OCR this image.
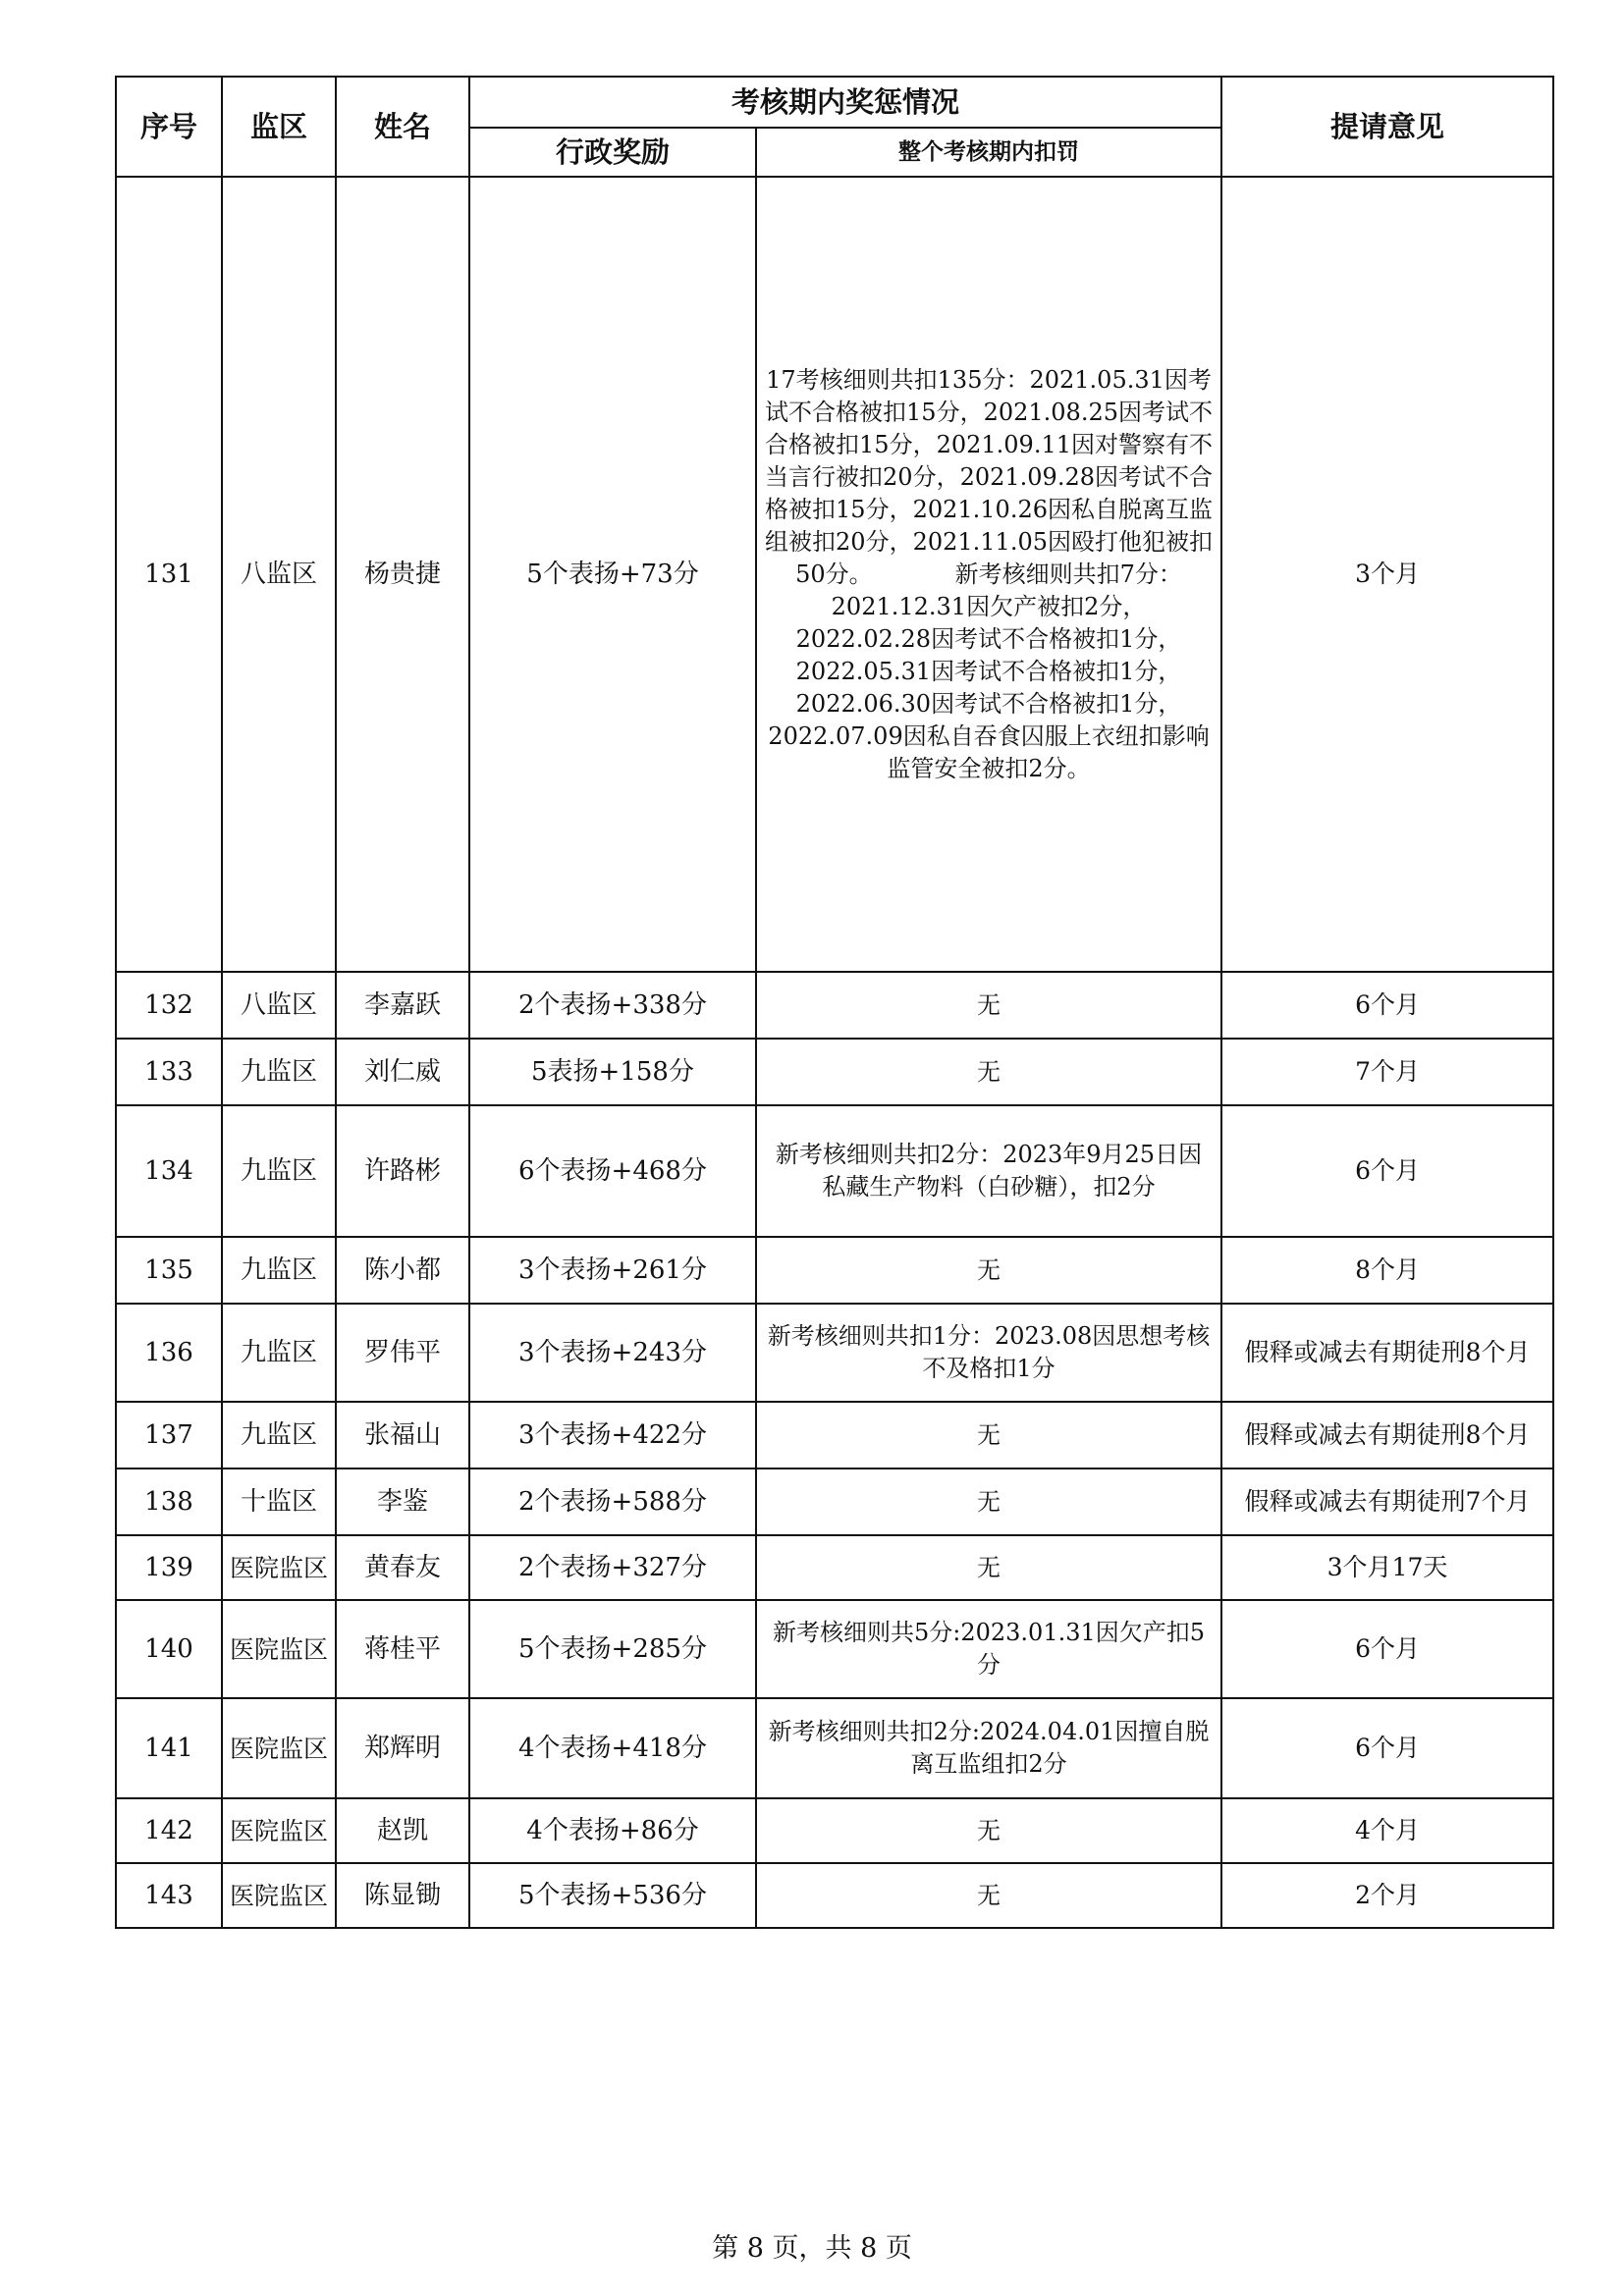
序号	监区	姓名	考核期内奖惩情况		提请意见
			行政奖励	整个考核期内扣罚	
131	八监区	杨贵捷	5个表扬+73分	17考核细则共扣135分：2021.05.31因考试不合格被扣15分，2021.08.25因考试不合格被扣15分，2021.09.11因对警察有不当言行被扣20分，2021.09.28因考试不合格被扣15分，2021.10.26因私自脱离互监组被扣20分，2021.11.05因殴打他犯被扣50分。　　　　新考核细则共扣7分：2021.12.31因欠产被扣2分，2022.02.28因考试不合格被扣1分，2022.05.31因考试不合格被扣1分，2022.06.30因考试不合格被扣1分，2022.07.09因私自吞食囚服上衣纽扣影响监管安全被扣2分。	3个月
132	八监区	李嘉跃	2个表扬+338分	无	6个月
133	九监区	刘仁威	5表扬+158分	无	7个月
134	九监区	许路彬	6个表扬+468分	新考核细则共扣2分：2023年9月25日因私藏生产物料（白砂糖），扣2分	6个月
135	九监区	陈小都	3个表扬+261分	无	8个月
136	九监区	罗伟平	3个表扬+243分	新考核细则共扣1分：2023.08因思想考核不及格扣1分	假释或减去有期徒刑8个月
137	九监区	张福山	3个表扬+422分	无	假释或减去有期徒刑8个月
138	十监区	李鉴	2个表扬+588分	无	假释或减去有期徒刑7个月
139	医院监区	黄春友	2个表扬+327分	无	3个月17天
140	医院监区	蒋桂平	5个表扬+285分	新考核细则共5分:2023.01.31因欠产扣5分	6个月
141	医院监区	郑辉明	4个表扬+418分	新考核细则共扣2分:2024.04.01因擅自脱离互监组扣2分	6个月
142	医院监区	赵凯	4个表扬+86分	无	4个月
143	医院监区	陈显锄	5个表扬+536分	无	2个月
第 8 页，共 8 页
